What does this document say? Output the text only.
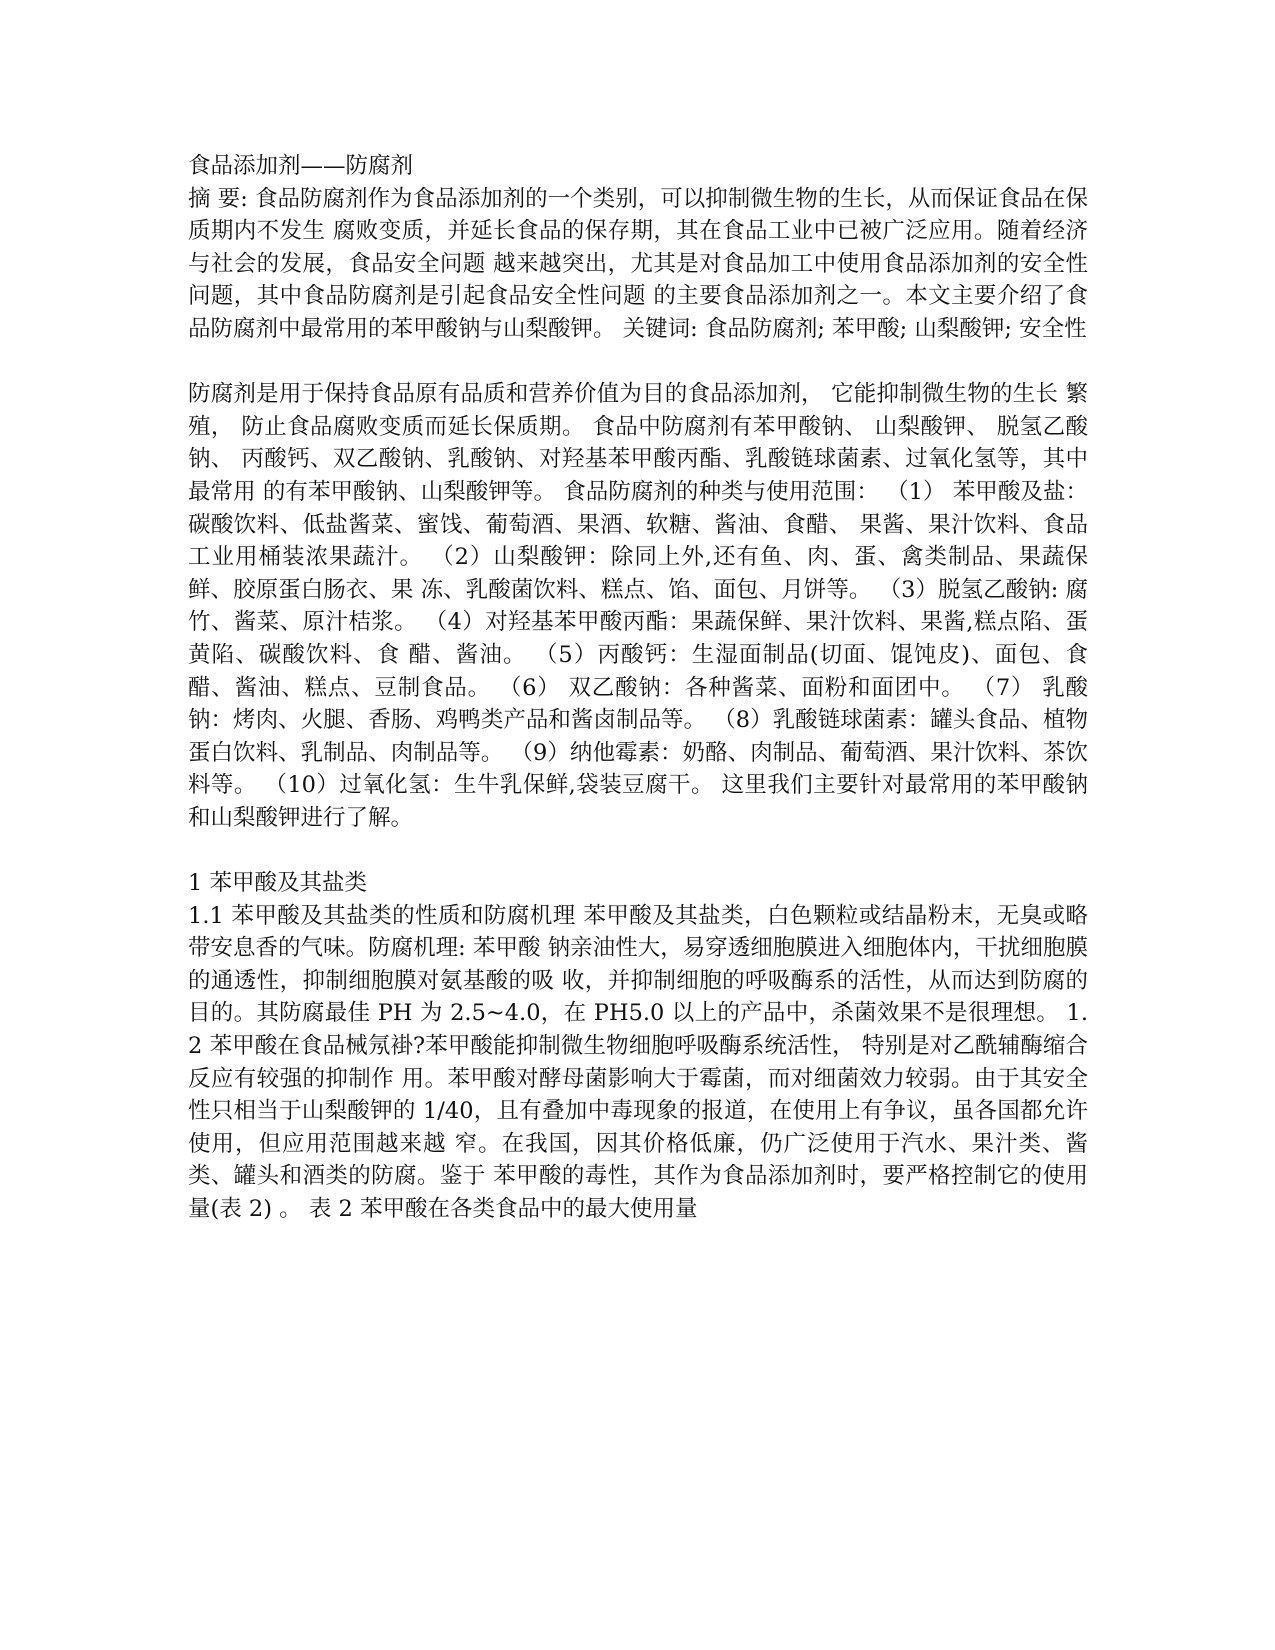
食品添加剂——防腐剂

摘 要: 食品防腐剂作为食品添加剂的一个类别，可以抑制微生物的生长，从而保证食品在保质期内不发生 腐败变质，并延长食品的保存期，其在食品工业中已被广泛应用。随着经济与社会的发展，食品安全问题 越来越突出，尤其是对食品加工中使用食品添加剂的安全性问题，其中食品防腐剂是引起食品安全性问题 的主要食品添加剂之一。本文主要介绍了食品防腐剂中最常用的苯甲酸钠与山梨酸钾。 关键词: 食品防腐剂; 苯甲酸; 山梨酸钾; 安全性

防腐剂是用于保持食品原有品质和营养价值为目的食品添加剂， 它能抑制微生物的生长 繁殖， 防止食品腐败变质而延长保质期。 食品中防腐剂有苯甲酸钠、 山梨酸钾、 脱氢乙酸钠、 丙酸钙、双乙酸钠、乳酸钠、对羟基苯甲酸丙酯、乳酸链球菌素、过氧化氢等，其中最常用 的有苯甲酸钠、山梨酸钾等。 食品防腐剂的种类与使用范围： （1） 苯甲酸及盐：碳酸饮料、低盐酱菜、蜜饯、葡萄酒、果酒、软糖、酱油、食醋、 果酱、果汁饮料、食品工业用桶装浓果蔬汁。 （2）山梨酸钾：除同上外,还有鱼、肉、蛋、禽类制品、果蔬保鲜、胶原蛋白肠衣、果 冻、乳酸菌饮料、糕点、馅、面包、月饼等。 （3）脱氢乙酸钠: 腐竹、酱菜、原汁桔浆。 （4）对羟基苯甲酸丙酯：果蔬保鲜、果汁饮料、果酱,糕点陷、蛋黄陷、碳酸饮料、食 醋、酱油。 （5）丙酸钙：生湿面制品(切面、馄饨皮)、面包、食醋、酱油、糕点、豆制食品。 （6） 双乙酸钠：各种酱菜、面粉和面团中。 （7） 乳酸钠：烤肉、火腿、香肠、鸡鸭类产品和酱卤制品等。 （8）乳酸链球菌素：罐头食品、植物蛋白饮料、乳制品、肉制品等。 （9）纳他霉素：奶酪、肉制品、葡萄酒、果汁饮料、茶饮料等。 （10）过氧化氢：生牛乳保鲜,袋装豆腐干。 这里我们主要针对最常用的苯甲酸钠和山梨酸钾进行了解。

1 苯甲酸及其盐类

1.1 苯甲酸及其盐类的性质和防腐机理 苯甲酸及其盐类，白色颗粒或结晶粉末，无臭或略带安息香的气味。防腐机理: 苯甲酸 钠亲油性大，易穿透细胞膜进入细胞体内，干扰细胞膜的通透性，抑制细胞膜对氨基酸的吸 收，并抑制细胞的呼吸酶系的活性，从而达到防腐的目的。其防腐最佳 PH 为 2.5~4.0，在 PH5.0 以上的产品中，杀菌效果不是很理想。 1.2 苯甲酸在食品械氖褂?苯甲酸能抑制微生物细胞呼吸酶系统活性， 特别是对乙酰辅酶缩合反应有较强的抑制作 用。苯甲酸对酵母菌影响大于霉菌，而对细菌效力较弱。由于其安全性只相当于山梨酸钾的 1/40，且有叠加中毒现象的报道，在使用上有争议，虽各国都允许使用，但应用范围越来越 窄。在我国，因其价格低廉，仍广泛使用于汽水、果汁类、酱类、罐头和酒类的防腐。鉴于 苯甲酸的毒性，其作为食品添加剂时，要严格控制它的使用量(表 2) 。 表 2 苯甲酸在各类食品中的最大使用量
